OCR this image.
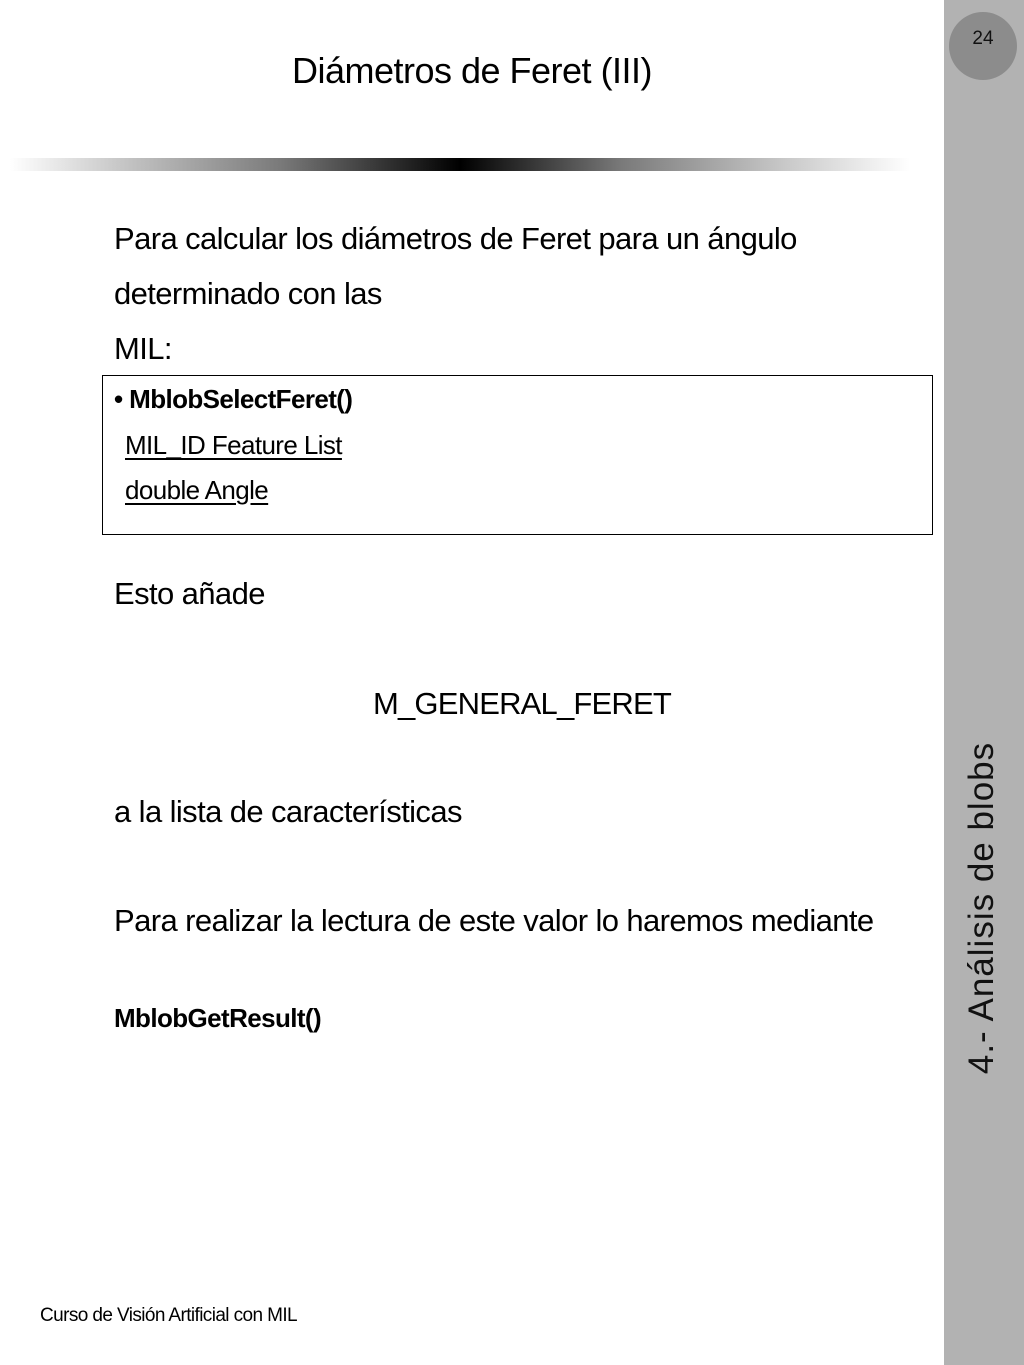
24
4.- Análisis de blobs
Diámetros de Feret (III)
Para calcular los diámetros de Feret para un ángulo
determinado con las
MIL:
• MblobSelectFeret()
MIL_ID Feature List
double Angle
Esto añade
M_GENERAL_FERET
a la lista de características
Para realizar la lectura de este valor lo haremos mediante
MblobGetResult()
Curso de Visión Artificial con MIL
